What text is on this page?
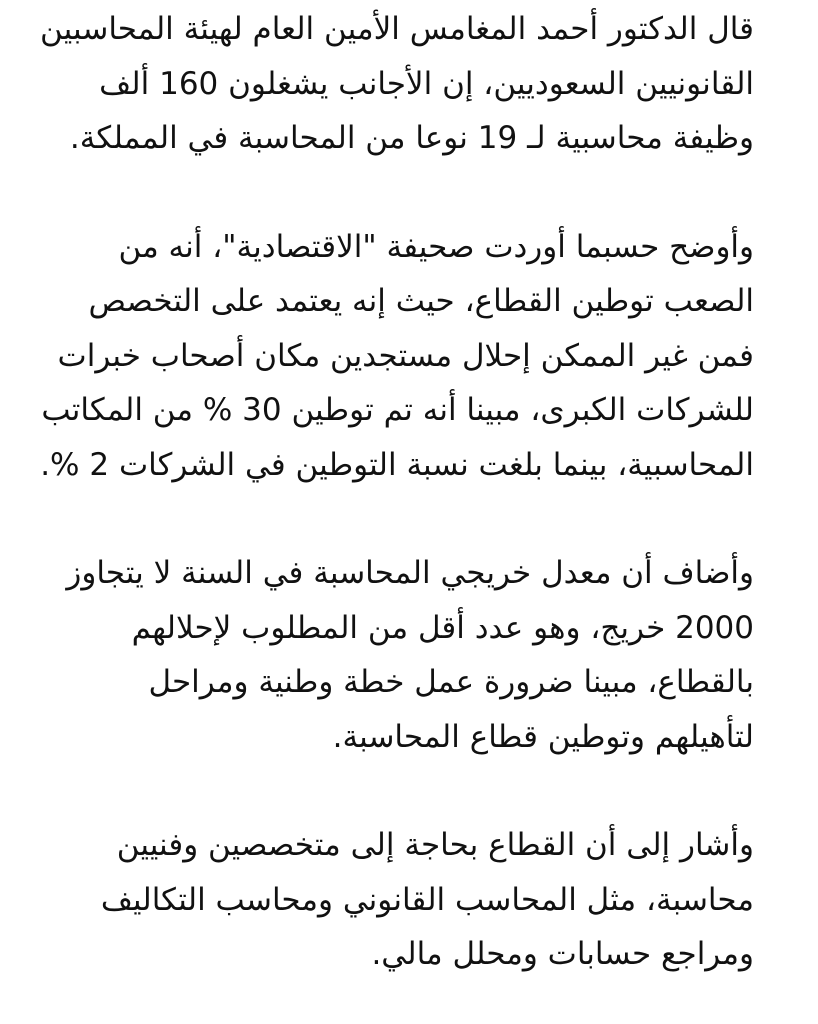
قال الدكتور أحمد المغامس الأمين العام لهيئة المحاسبين
القانونيين السعوديين، إن الأجانب يشغلون 160 ألف
وظيفة محاسبية لـ 19 نوعا من المحاسبة في المملكة.
وأوضح حسبما أوردت صحيفة "الاقتصادية"، أنه من
الصعب توطين القطاع، حيث إنه يعتمد على التخصص
فمن غير الممكن إحلال مستجدين مكان أصحاب خبرات
للشركات الكبرى، مبينا أنه تم توطين 30 % من المكاتب
المحاسبية، بينما بلغت نسبة التوطين في الشركات 2 %.
وأضاف أن معدل خريجي المحاسبة في السنة لا يتجاوز
2000 خريج، وهو عدد أقل من المطلوب لإحلالهم
بالقطاع، مبينا ضرورة عمل خطة وطنية ومراحل
لتأهيلهم وتوطين قطاع المحاسبة.
وأشار إلى أن القطاع بحاجة إلى متخصصين وفنيين
محاسبة، مثل المحاسب القانوني ومحاسب التكاليف
ومراجع حسابات ومحلل مالي.
